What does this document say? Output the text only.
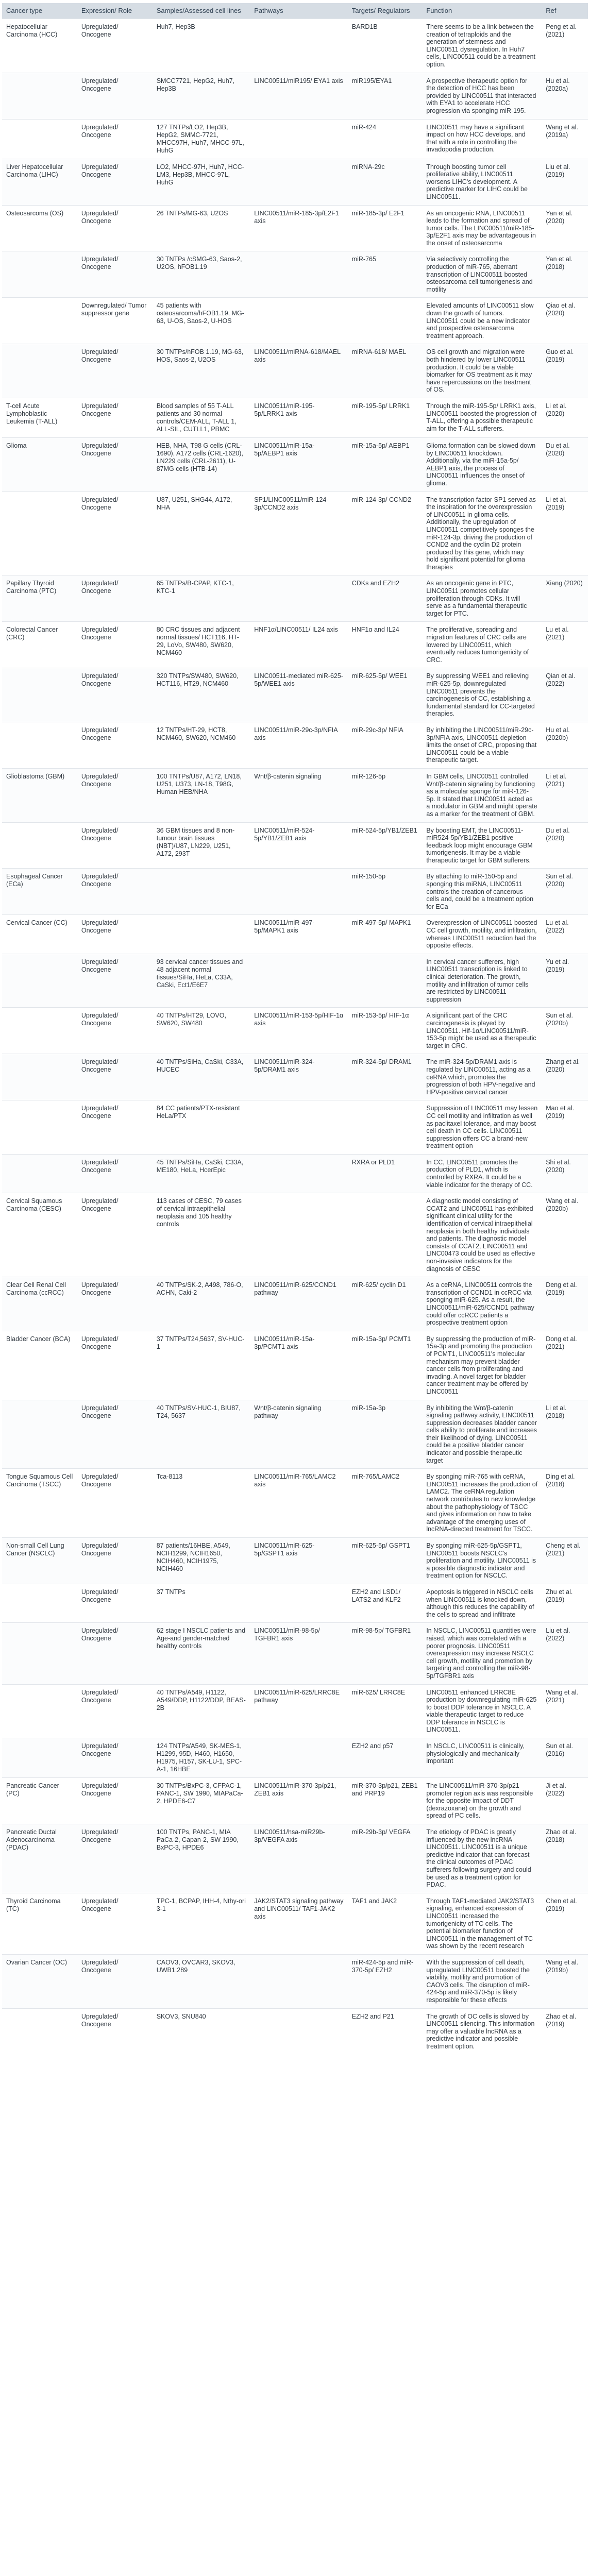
Cancer type	Expression/ Role	Samples/Assessed cell lines	Pathways	Targets/ Regulators	Function	Ref
Hepatocellular Carcinoma (HCC)	Upregulated/ Oncogene	Huh7, Hep3B		BARD1B	There seems to be a link between the creation of tetraploids and the generation of stemness and LINC00511 dysregulation. In Huh7 cells, LINC00511 could be a treatment option.	Peng et al. (2021)
	Upregulated/ Oncogene	SMCC7721, HepG2, Huh7, Hep3B	LINC00511/miR195/ EYA1 axis	miR195/EYA1	A prospective therapeutic option for the detection of HCC has been provided by LINC00511 that interacted with EYA1 to accelerate HCC progression via sponging miR-195.	Hu et al. (2020a)
	Upregulated/ Oncogene	127 TNTPs/LO2, Hep3B, HepG2, SMMC-7721, MHCC97H, Huh7, MHCC-97L, HuhG		miR-424	LINC00511 may have a significant impact on how HCC develops, and that with a role in controlling the invadopodia production.	Wang et al. (2019a)
Liver Hepatocellular Carcinoma (LIHC)	Upregulated/ Oncogene	LO2, MHCC-97H, Huh7, HCC-LM3, Hep3B, MHCC-97L, HuhG		miRNA-29c	Through boosting tumor cell proliferative ability, LINC00511 worsens LIHC's development. A predictive marker for LIHC could be LINC00511.	Liu et al. (2019)
Osteosarcoma (OS)	Upregulated/ Oncogene	26 TNTPs/MG-63, U2OS	LINC00511/miR-185-3p/E2F1 axis	miR-185-3p/ E2F1	As an oncogenic RNA, LINC00511 leads to the formation and spread of tumor cells. The LINC00511/miR-185-3p/E2F1 axis may be advantageous in the onset of osteosarcoma	Yan et al. (2020)
	Upregulated/ Oncogene	30 TNTPs /cSMG-63, Saos-2, U2OS, hFOB1.19		miR-765	Via selectively controlling the production of miR-765, aberrant transcription of LINC00511 boosted osteosarcoma cell tumorigenesis and motility	Yan et al. (2018)
	Downregulated/ Tumor suppressor gene	45 patients with osteosarcoma/hFOB1.19, MG-63, U-OS, Saos-2, U-HOS			Elevated amounts of LINC00511 slow down the growth of tumors. LINC00511 could be a new indicator and prospective osteosarcoma treatment approach.	Qiao et al. (2020)
	Upregulated/ Oncogene	30 TNTPs/hFOB 1.19, MG-63, HOS, Saos-2, U2OS	LINC00511/miRNA-618/MAEL axis	miRNA-618/ MAEL	OS cell growth and migration were both hindered by lower LINC00511 production. It could be a viable biomarker for OS treatment as it may have repercussions on the treatment of OS.	Guo et al. (2019)
T-cell Acute Lymphoblastic Leukemia (T-ALL)	Upregulated/ Oncogene	Blood samples of 55 T-ALL patients and 30 normal controls/CEM-ALL, T-ALL 1, ALL-SIL, CUTLL1, PBMC	LINC00511/miR-195-5p/LRRK1 axis	miR-195-5p/ LRRK1	Through the miR-195-5p/ LRRK1 axis, LINC00511 boosted the progression of T-ALL, offering a possible therapeutic aim for the T-ALL sufferers.	Li et al. (2020)
Glioma	Upregulated/ Oncogene	HEB, NHA, T98 G cells (CRL-1690), A172 cells (CRL-1620), LN229 cells (CRL-2611), U-87MG cells (HTB-14)	LINC00511/miR-15a-5p/AEBP1 axis	miR-15a-5p/ AEBP1	Glioma formation can be slowed down by LINC00511 knockdown. Additionally, via the miR-15a-5p/ AEBP1 axis, the process of LINC00511 influences the onset of glioma.	Du et al. (2020)
	Upregulated/ Oncogene	U87, U251, SHG44, A172, NHA	SP1/LINC00511/miR-124-3p/CCND2 axis	miR-124-3p/ CCND2	The transcription factor SP1 served as the inspiration for the overexpression of LINC00511 in glioma cells. Additionally, the upregulation of LINC00511 competitively sponges the miR-124-3p, driving the production of CCND2 and the cyclin D2 protein produced by this gene, which may hold significant potential for glioma therapies	Li et al. (2019)
Papillary Thyroid Carcinoma (PTC)	Upregulated/ Oncogene	65 TNTPs/B-CPAP, KTC-1, KTC-1		CDKs and EZH2	As an oncogenic gene in PTC, LINC00511 promotes cellular proliferation through CDKs. It will serve as a fundamental therapeutic target for PTC.	Xiang (2020)
Colorectal Cancer (CRC)	Upregulated/ Oncogene	80 CRC tissues and adjacent normal tissues/ HCT116, HT-29, LoVo, SW480, SW620, NCM460	HNF1α/LINC00511/ IL24 axis	HNF1α and IL24	The proliferative, spreading and migration features of CRC cells are lowered by LINC00511, which eventually reduces tumorigenicity of CRC.	Lu et al. (2021)
	Upregulated/ Oncogene	320 TNTPs/SW480, SW620, HCT116, HT29, NCM460	LINC00511-mediated miR-625-5p/WEE1 axis	miR-625-5p/ WEE1	By suppressing WEE1 and relieving miR-625-5p, downregulated LINC00511 prevents the carcinogenesis of CC, establishing a fundamental standard for CC-targeted therapies.	Qian et al. (2022)
	Upregulated/ Oncogene	12 TNTPs/HT-29, HCT8, NCM460, SW620, NCM460	LINC00511/miR-29c-3p/NFIA axis	miR-29c-3p/ NFIA	By inhibiting the LINC00511/miR-29c-3p/NFIA axis, LINC00511 depletion limits the onset of CRC, proposing that LINC00511 could be a viable therapeutic target.	Hu et al. (2020b)
Glioblastoma (GBM)	Upregulated/ Oncogene	100 TNTPs/U87, A172, LN18, U251, U373, LN-18, T98G, Human HEB/NHA	Wnt/β-catenin signaling	miR-126-5p	In GBM cells, LINC00511 controlled Wnt/β-catenin signaling by functioning as a molecular sponge for miR-126-5p. It stated that LINC00511 acted as a modulator in GBM and might operate as a marker for the treatment of GBM.	Li et al. (2021)
	Upregulated/ Oncogene	36 GBM tissues and 8 non-tumour brain tissues (NBT)/U87, LN229, U251, A172, 293T	LINC00511/miR-524-5p/YB1/ZEB1 axis	miR-524-5p/YB1/ZEB1	By boosting EMT, the LINC00511-miR524-5p/YB1/ZEB1 positive feedback loop might encourage GBM tumorigenesis. It may be a viable therapeutic target for GBM sufferers.	Du et al. (2020)
Esophageal Cancer (ECa)	Upregulated/ Oncogene			miR-150-5p	By attaching to miR-150-5p and sponging this miRNA, LINC00511 controls the creation of cancerous cells and, could be a treatment option for ECa	Sun et al. (2020)
Cervical Cancer (CC)	Upregulated/ Oncogene		LINC00511/miR-497-5p/MAPK1 axis	miR-497-5p/ MAPK1	Overexpression of LINC00511 boosted CC cell growth, motility, and infiltration, whereas LINC00511 reduction had the opposite effects.	Lu et al. (2022)
	Upregulated/ Oncogene	93 cervical cancer tissues and 48 adjacent normal tissues/SiHa, HeLa, C33A, CaSki, Ect1/E6E7			In cervical cancer sufferers, high LINC00511 transcription is linked to clinical deterioration. The growth, motility and infiltration of tumor cells are restricted by LINC00511 suppression	Yu et al. (2019)
	Upregulated/ Oncogene	40 TNTPs/HT29, LOVO, SW620, SW480	LINC00511/miR-153-5p/HIF-1α axis	miR-153-5p/ HIF-1α	A significant part of the CRC carcinogenesis is played by LINC00511. Hif-1α/LINC00511/miR-153-5p might be used as a therapeutic target in CRC.	Sun et al. (2020b)
	Upregulated/ Oncogene	40 TNTPs/SiHa, CaSki, C33A, HUCEC	LINC00511/miR-324-5p/DRAM1 axis	miR-324-5p/ DRAM1	The miR-324-5p/DRAM1 axis is regulated by LINC00511, acting as a ceRNA which, promotes the progression of both HPV-negative and HPV-positive cervical cancer	Zhang et al. (2020)
	Upregulated/ Oncogene	84 CC patients/PTX-resistant HeLa/PTX			Suppression of LINC00511 may lessen CC cell motility and infiltration as well as paclitaxel tolerance, and may boost cell death in CC cells. LINC00511 suppression offers CC a brand-new treatment option	Mao et al. (2019)
	Upregulated/ Oncogene	45 TNTPs/SiHa, CaSki, C33A, ME180, HeLa, HcerEpic		RXRA or PLD1	In CC, LINC00511 promotes the production of PLD1, which is controlled by RXRA. It could be a viable indicator for the therapy of CC.	Shi et al. (2020)
Cervical Squamous Carcinoma (CESC)	Upregulated/ Oncogene	113 cases of CESC, 79 cases of cervical intraepithelial neoplasia and 105 healthy controls			A diagnostic model consisting of CCAT2 and LINC00511 has exhibited significant clinical utility for the identification of cervical intraepithelial neoplasia in both healthy individuals and patients. The diagnostic model consists of CCAT2, LINC00511 and LINC00473 could be used as effective non-invasive indicators for the diagnosis of CESC	Wang et al. (2020b)
Clear Cell Renal Cell Carcinoma (ccRCC)	Upregulated/ Oncogene	40 TNTPs/SK-2, A498, 786-O, ACHN, Caki-2	LINC00511/miR-625/CCND1 pathway	miR-625/ cyclin D1	As a ceRNA, LINC00511 controls the transcription of CCND1 in ccRCC via sponging miR-625. As a result, the LINC00511/miR-625/CCND1 pathway could offer ccRCC patients a prospective treatment option	Deng et al. (2019)
Bladder Cancer (BCA)	Upregulated/ Oncogene	37 TNTPs/T24,5637, SV-HUC-1	LINC00511/miR-15a-3p/PCMT1 axis	miR-15a-3p/ PCMT1	By suppressing the production of miR-15a-3p and promoting the production of PCMT1, LINC00511's molecular mechanism may prevent bladder cancer cells from proliferating and invading. A novel target for bladder cancer treatment may be offered by LINC00511	Dong et al. (2021)
	Upregulated/ Oncogene	40 TNTPs/SV-HUC-1, BIU87, T24, 5637	Wnt/β-catenin signaling pathway	miR-15a-3p	By inhibiting the Wnt/β-catenin signaling pathway activity, LINC00511 suppression decreases bladder cancer cells ability to proliferate and increases their likelihood of dying. LINC00511 could be a positive bladder cancer indicator and possible therapeutic target	Li et al. (2018)
Tongue Squamous Cell Carcinoma (TSCC)	Upregulated/ Oncogene	Tca-8113	LINC00511/miR-765/LAMC2 axis	miR-765/LAMC2	By sponging miR-765 with ceRNA, LINC00511 increases the production of LAMC2. The ceRNA regulation network contributes to new knowledge about the pathophysiology of TSCC and gives information on how to take advantage of the emerging uses of lncRNA-directed treatment for TSCC.	Ding et al. (2018)
Non-small Cell Lung Cancer (NSCLC)	Upregulated/ Oncogene	87 patients/16HBE, A549, NCIH1299, NCIH1650, NCIH460, NCIH1975, NCIH460	LINC00511/miR-625-5p/GSPT1 axis	miR-625-5p/ GSPT1	By sponging miR-625-5p/GSPT1, LINC00511 boosts NSCLC's proliferation and motility. LINC00511 is a possible diagnostic indicator and treatment option for NSCLC.	Cheng et al. (2021)
	Upregulated/ Oncogene	37 TNTPs		EZH2 and LSD1/ LATS2 and KLF2	Apoptosis is triggered in NSCLC cells when LINC00511 is knocked down, although this reduces the capability of the cells to spread and infiltrate	Zhu et al. (2019)
	Upregulated/ Oncogene	62 stage I NSCLC patients and Age-and gender-matched healthy controls	LINC00511/miR-98-5p/ TGFBR1 axis	miR-98-5p/ TGFBR1	In NSCLC, LINC00511 quantities were raised, which was correlated with a poorer prognosis. LINC00511 overexpression may increase NSCLC cell growth, motility and promotion by targeting and controlling the miR-98-5p/TGFBR1 axis	Liu et al. (2022)
	Upregulated/ Oncogene	40 TNTPs/A549, H1122, A549/DDP, H1122/DDP, BEAS-2B	LINC00511/miR-625/LRRC8E pathway	miR-625/ LRRC8E	LINC00511 enhanced LRRC8E production by downregulating miR-625 to boost DDP tolerance in NSCLC. A viable therapeutic target to reduce DDP tolerance in NSCLC is LINC00511.	Wang et al. (2021)
	Upregulated/ Oncogene	124 TNTPs/A549, SK-MES-1, H1299, 95D, H460, H1650, H1975, H157, SK-LU-1, SPC-A-1, 16HBE		EZH2 and p57	In NSCLC, LINC00511 is clinically, physiologically and mechanically important	Sun et al. (2016)
Pancreatic Cancer (PC)	Upregulated/ Oncogene	30 TNTPs/BxPC-3, CFPAC-1, PANC-1, SW 1990, MIAPaCa-2, HPDE6-C7	LINC00511/miR-370-3p/p21, ZEB1 axis	miR-370-3p/p21, ZEB1 and PRP19	The LINC00511/miR-370-3p/p21 promoter region axis was responsible for the opposite impact of DDT (dexrazoxane) on the growth and spread of PC cells.	Ji et al. (2022)
Pancreatic Ductal Adenocarcinoma (PDAC)	Upregulated/ Oncogene	100 TNTPs, PANC-1, MIA PaCa-2, Capan-2, SW 1990, BxPC-3, HPDE6	LINC00511/hsa-miR29b-3p/VEGFA axis	miR-29b-3p/ VEGFA	The etiology of PDAC is greatly influenced by the new lncRNA LINC00511. LINC00511 is a unique predictive indicator that can forecast the clinical outcomes of PDAC sufferers following surgery and could be used as a treatment option for PDAC.	Zhao et al. (2018)
Thyroid Carcinoma (TC)	Upregulated/ Oncogene	TPC-1, BCPAP, IHH-4, Nthy-ori 3-1	JAK2/STAT3 signaling pathway and LINC00511/ TAF1-JAK2 axis	TAF1 and JAK2	Through TAF1-mediated JAK2/STAT3 signaling, enhanced expression of LINC00511 increased the tumorigenicity of TC cells. The potential biomarker function of LINC00511 in the management of TC was shown by the recent research	Chen et al. (2019)
Ovarian Cancer (OC)	Upregulated/ Oncogene	CAOV3, OVCAR3, SKOV3, UWB1.289		miR-424-5p and miR-370-5p/ EZH2	With the suppression of cell death, upregulated LINC00511 boosted the viability, motility and promotion of CAOV3 cells. The disruption of miR-424-5p and miR-370-5p is likely responsible for these effects	Wang et al. (2019b)
	Upregulated/ Oncogene	SKOV3, SNU840		EZH2 and P21	The growth of OC cells is slowed by LINC00511 silencing. This information may offer a valuable lncRNA as a predictive indicator and possible treatment option.	Zhao et al. (2019)
